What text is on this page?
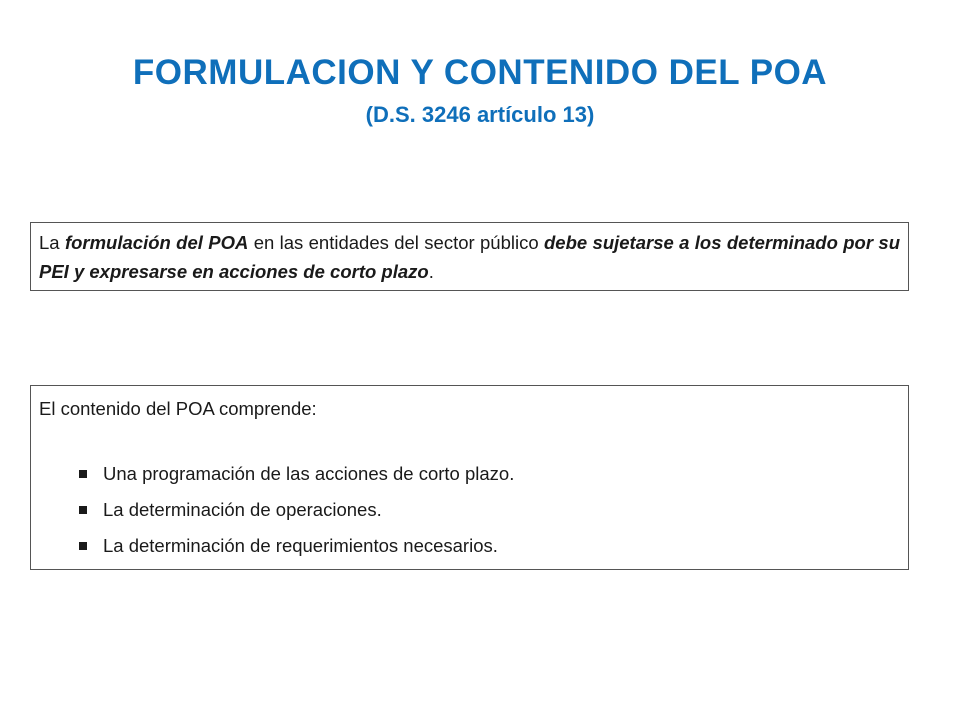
FORMULACION Y CONTENIDO DEL POA
(D.S. 3246 artículo 13)

La formulación del POA en las entidades del sector público debe sujetarse a los determinado por su PEI y expresarse en acciones de corto plazo.

El contenido del POA comprende:

Una programación de las acciones de corto plazo.
La determinación de operaciones.
La determinación de requerimientos necesarios.
